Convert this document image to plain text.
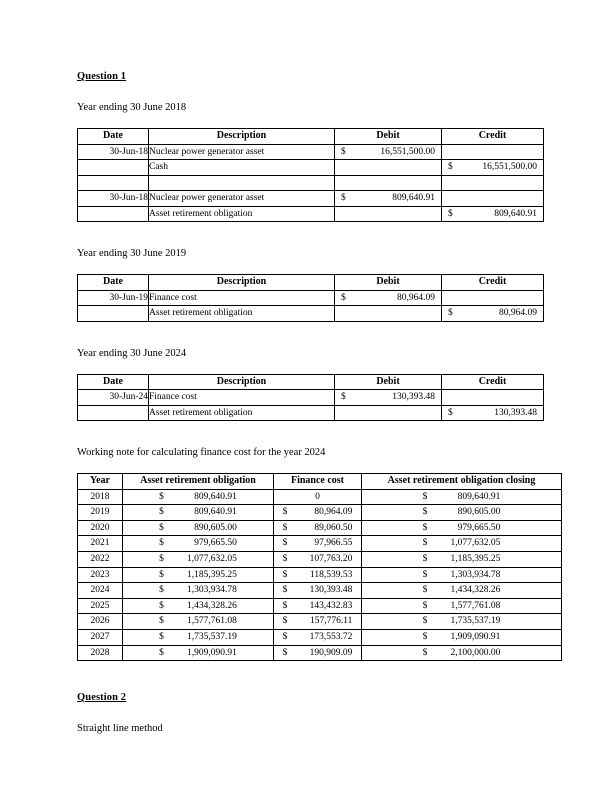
Question 1
Year ending 30 June 2018
Date	Description	Debit	Credit
30-Jun-18	Nuclear power generator asset	$ 16,551,500.00	

	Cash		$ 16,551,500.00

30-Jun-18	Nuclear power generator asset	$ 809,640.91	

	Asset retirement obligation		$ 809,640.91
Year ending 30 June 2019
Date	Description	Debit	Credit
30-Jun-19	Finance cost	$ 80,964.09	

	Asset retirement obligation		$ 80,964.09
Year ending 30 June 2024
Date	Description	Debit	Credit
30-Jun-24	Finance cost	$ 130,393.48	

	Asset retirement obligation		$ 130,393.48
Working note for calculating finance cost for the year 2024
Year	Asset retirement obligation	Finance cost	Asset retirement obligation closing
2018	$ 809,640.91	0	$ 809,640.91

2019	$ 809,640.91	$ 80,964.09	$ 890,605.00

2020	$ 890,605.00	$ 89,060.50	$ 979,665.50

2021	$ 979,665.50	$ 97,966.55	$ 1,077,632.05

2022	$ 1,077,632.05	$ 107,763.20	$ 1,185,395.25

2023	$ 1,185,395.25	$ 118,539.53	$ 1,303,934.78

2024	$ 1,303,934.78	$ 130,393.48	$ 1,434,328.26

2025	$ 1,434,328.26	$ 143,432.83	$ 1,577,761.08

2026	$ 1,577,761.08	$ 157,776.11	$ 1,735,537.19

2027	$ 1,735,537.19	$ 173,553.72	$ 1,909,090.91

2028	$ 1,909,090.91	$ 190,909.09	$ 2,100,000.00
Question 2
Straight line method
